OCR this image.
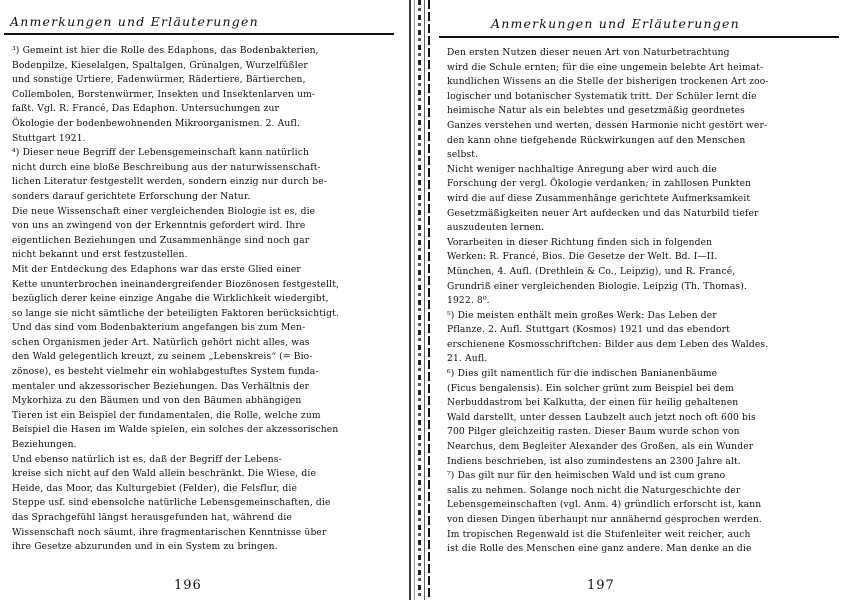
Anmerkungen und Erläuterungen
³) Gemeint ist hier die Rolle des Edaphons, das Bodenbakterien,
Bodenpilze, Kieselalgen, Spaltalgen, Grünalgen, Wurzelfüßler
und sonstige Urtiere, Fadenwürmer, Rädertiere, Bärtierchen,
Collembolen, Borstenwürmer, Insekten und Insektenlarven um-
faßt. Vgl. R. Francé, Das Edaphon. Untersuchungen zur
Ökologie der bodenbewohnenden Mikroorganismen. 2. Aufl.
Stuttgart 1921.
⁴) Dieser neue Begriff der Lebensgemeinschaft kann natürlich
nicht durch eine bloße Beschreibung aus der naturwissenschaft-
lichen Literatur festgestellt werden, sondern einzig nur durch be-
sonders darauf gerichtete Erforschung der Natur.
Die neue Wissenschaft einer vergleichenden Biologie ist es, die
von uns an zwingend von der Erkenntnis gefordert wird. Ihre
eigentlichen Beziehungen und Zusammenhänge sind noch gar
nicht bekannt und erst festzustellen.
Mit der Entdeckung des Edaphons war das erste Glied einer
Kette ununterbrochen ineinandergreifender Biozönosen festgestellt,
bezüglich derer keine einzige Angabe die Wirklichkeit wiedergibt,
so lange sie nicht sämtliche der beteiligten Faktoren berücksichtigt.
Und das sind vom Bodenbakterium angefangen bis zum Men-
schen Organismen jeder Art. Natürlich gehört nicht alles, was
den Wald gelegentlich kreuzt, zu seinem „Lebenskreis“ (= Bio-
zönose), es besteht vielmehr ein wohlabgestuftes System funda-
mentaler und akzessorischer Beziehungen. Das Verhältnis der
Mykorhiza zu den Bäumen und von den Bäumen abhängigen
Tieren ist ein Beispiel der fundamentalen, die Rolle, welche zum
Beispiel die Hasen im Walde spielen, ein solches der akzessorischen
Beziehungen.
Und ebenso natürlich ist es, daß der Begriff der Lebens-
kreise sich nicht auf den Wald allein beschränkt. Die Wiese, die
Heide, das Moor, das Kulturgebiet (Felder), die Felsflur, die
Steppe usf. sind ebensolche natürliche Lebensgemeinschaften, die
das Sprachgefühl längst herausgefunden hat, während die
Wissenschaft noch säumt, ihre fragmentarischen Kenntnisse über
ihre Gesetze abzurunden und in ein System zu bringen.
196
Anmerkungen und Erläuterungen
Den ersten Nutzen dieser neuen Art von Naturbetrachtung
wird die Schule ernten; für die eine ungemein belebte Art heimat-
kundlichen Wissens an die Stelle der bisherigen trockenen Art zoo-
logischer und botanischer Systematik tritt. Der Schüler lernt die
heimische Natur als ein belebtes und gesetzmäßig geordnetes
Ganzes verstehen und werten, dessen Harmonie nicht gestört wer-
den kann ohne tiefgehende Rückwirkungen auf den Menschen
selbst.
Nicht weniger nachhaltige Anregung aber wird auch die
Forschung der vergl. Ökologie verdanken; in zahllosen Punkten
wird die auf diese Zusammenhänge gerichtete Aufmerksamkeit
Gesetzmäßigkeiten neuer Art aufdecken und das Naturbild tiefer
auszudeuten lernen.
Vorarbeiten in dieser Richtung finden sich in folgenden
Werken: R. Francé, Bios. Die Gesetze der Welt. Bd. I—II.
München, 4. Aufl. (Drethlein & Co., Leipzig), und R. Francé,
Grundriß einer vergleichenden Biologie. Leipzig (Th. Thomas).
1922. 8⁰.
⁵) Die meisten enthält mein großes Werk: Das Leben der
Pflanze. 2. Aufl. Stuttgart (Kosmos) 1921 und das ebendort
erschienene Kosmosschriftchen: Bilder aus dem Leben des Waldes.
21. Aufl.
⁶) Dies gilt namentlich für die indischen Banianenbäume
(Ficus bengalensis). Ein solcher grünt zum Beispiel bei dem
Nerbuddastrom bei Kalkutta, der einen für heilig gehaltenen
Wald darstellt, unter dessen Laubzelt auch jetzt noch oft 600 bis
700 Pilger gleichzeitig rasten. Dieser Baum wurde schon von
Nearchus, dem Begleiter Alexander des Großen, als ein Wunder
Indiens beschrieben, ist also zumindestens an 2300 Jahre alt.
⁷) Das gilt nur für den heimischen Wald und ist cum grano
salis zu nehmen. Solange noch nicht die Naturgeschichte der
Lebensgemeinschaften (vgl. Anm. 4) gründlich erforscht ist, kann
von diesen Dingen überhaupt nur annähernd gesprochen werden.
Im tropischen Regenwald ist die Stufenleiter weit reicher, auch
ist die Rolle des Menschen eine ganz andere. Man denke an die
197
